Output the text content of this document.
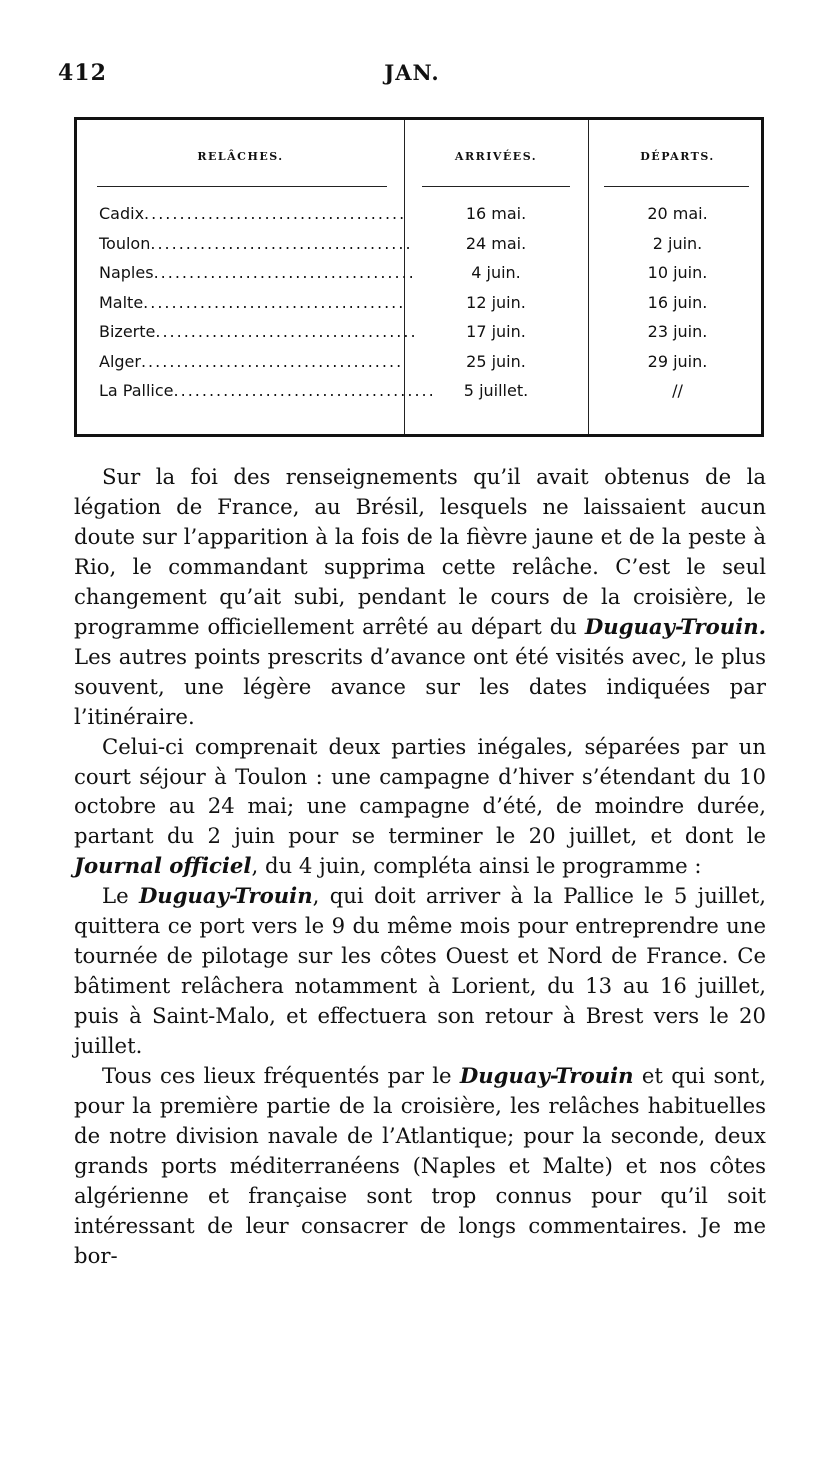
412	JAN.
RELÂCHES.	ARRIVÉES.	DÉPARTS.
Cadix.....................................	16 mai.	20 mai.
Toulon.....................................	24 mai.	2 juin.
Naples.....................................	4 juin.	10 juin.
Malte.....................................	12 juin.	16 juin.
Bizerte.....................................	17 juin.	23 juin.
Alger.....................................	25 juin.	29 juin.
La Pallice.....................................	5 juillet.	//

Sur la foi des renseignements qu’il avait obtenus de la légation de France, au Brésil, lesquels ne laissaient aucun doute sur l’apparition à la fois de la fièvre jaune et de la peste à Rio, le commandant supprima cette relâche. C’est le seul changement qu’ait subi, pendant le cours de la croisière, le programme officiellement arrêté au départ du Duguay-Trouin. Les autres points prescrits d’avance ont été visités avec, le plus souvent, une légère avance sur les dates indiquées par l’itinéraire.

Celui-ci comprenait deux parties inégales, séparées par un court séjour à Toulon : une campagne d’hiver s’étendant du 10 octobre au 24 mai; une campagne d’été, de moindre durée, partant du 2 juin pour se terminer le 20 juillet, et dont le Journal officiel, du 4 juin, compléta ainsi le programme :

Le Duguay-Trouin, qui doit arriver à la Pallice le 5 juillet, quittera ce port vers le 9 du même mois pour entreprendre une tournée de pilotage sur les côtes Ouest et Nord de France. Ce bâtiment relâchera notamment à Lorient, du 13 au 16 juillet, puis à Saint-Malo, et effectuera son retour à Brest vers le 20 juillet.

Tous ces lieux fréquentés par le Duguay-Trouin et qui sont, pour la première partie de la croisière, les relâches habituelles de notre division navale de l’Atlantique; pour la seconde, deux grands ports méditerranéens (Naples et Malte) et nos côtes algérienne et française sont trop connus pour qu’il soit intéressant de leur consacrer de longs commentaires. Je me bor-
